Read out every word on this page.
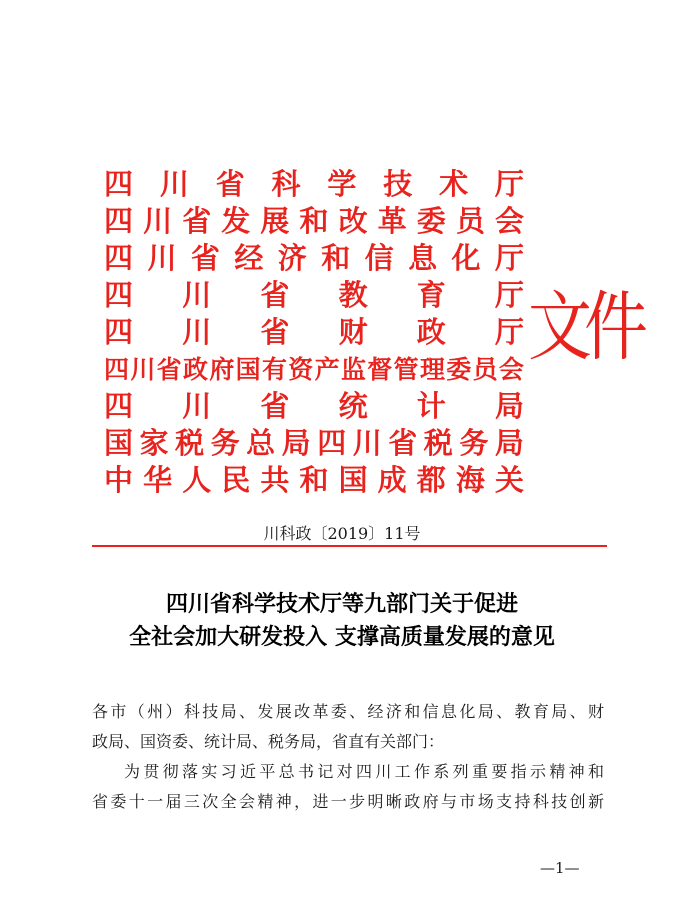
四 川 省 科 学 技 术 厅
四 川 省 发 展 和 改 革 委 员 会
四 川 省 经 济 和 信 息 化 厅
四 川 省 教 育 厅
四 川 省 财 政 厅
四 川 省 政 府 国 有 资 产 监 督 管 理 委 员 会
四 川 省 统 计 局
国 家 税 务 总 局 四 川 省 税 务 局
中 华 人 民 共 和 国 成 都 海 关
文件
川科政〔2019〕11号
四川省科学技术厅等九部门关于促进
全社会加大研发投入 支撑高质量发展的意见
各市（州）科技局、发展改革委、经济和信息化局、教育局、财
政局、国资委、统计局、税务局，省直有关部门：
为贯彻落实习近平总书记对四川工作系列重要指示精神和
省委十一届三次全会精神，进一步明晰政府与市场支持科技创新
—1—
